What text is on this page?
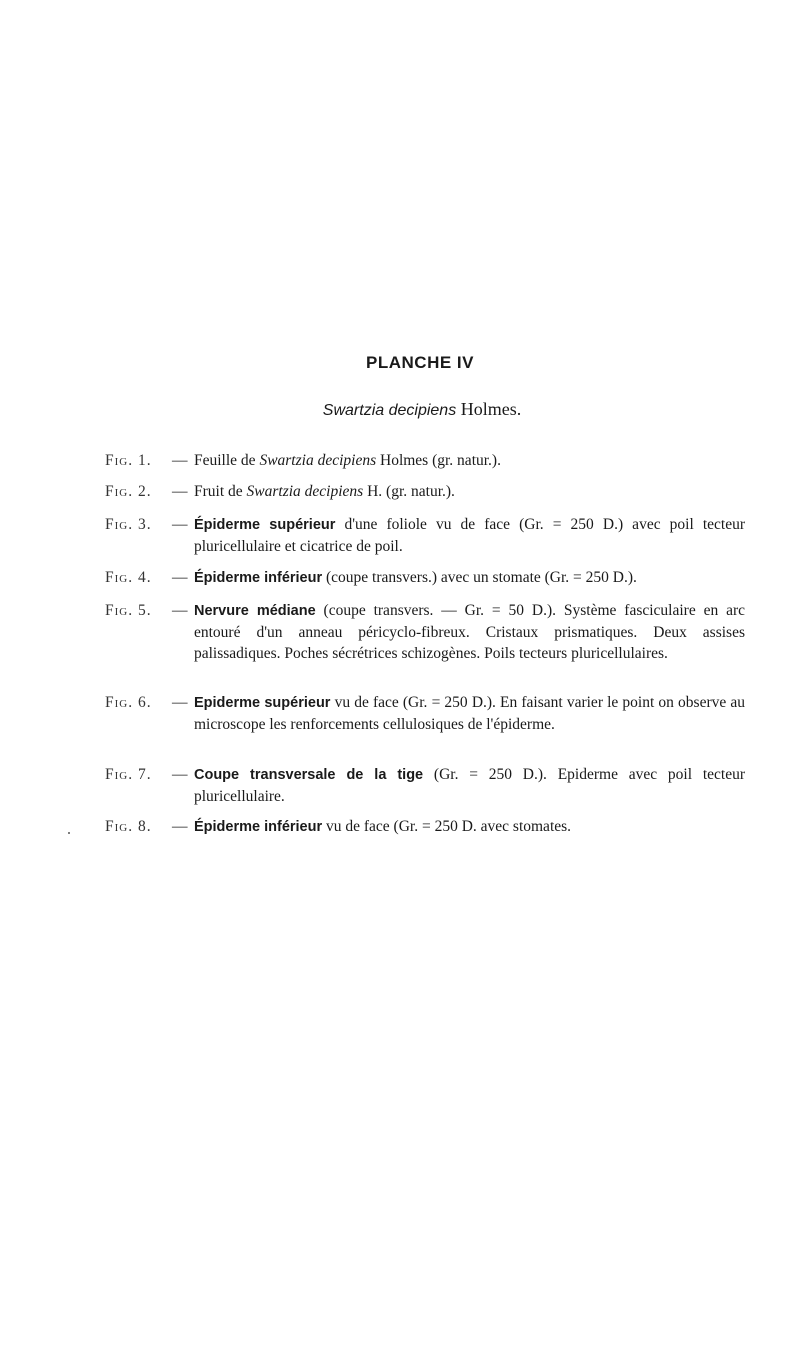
PLANCHE IV
Swartzia decipiens Holmes.
Fig. 1.	— Feuille de Swartzia decipiens Holmes (gr. natur.).
Fig. 2.	— Fruit de Swartzia decipiens H. (gr. natur.).
Fig. 3.	— Épiderme supérieur d'une foliole vu de face (Gr. = 250 D.) avec poil tecteur pluricellulaire et cicatrice de poil.
Fig. 4.	— Épiderme inférieur (coupe transvers.) avec un stomate (Gr. = 250 D.).
Fig. 5.	— Nervure médiane (coupe transvers. — Gr. = 50 D.). Système fasciculaire en arc entouré d'un anneau péricyclo-fibreux. Cristaux prismatiques. Deux assises palissadiques. Poches sécrétrices schizogènes. Poils tecteurs pluricellulaires.
Fig. 6.	— Epiderme supérieur vu de face (Gr. = 250 D.). En faisant varier le point on observe au microscope les renforcements cellulosiques de l'épiderme.
Fig. 7.	— Coupe transversale de la tige (Gr. = 250 D.). Epiderme avec poil tecteur pluricellulaire.
Fig. 8.	— Épiderme inférieur vu de face (Gr. = 250 D. avec stomates.
